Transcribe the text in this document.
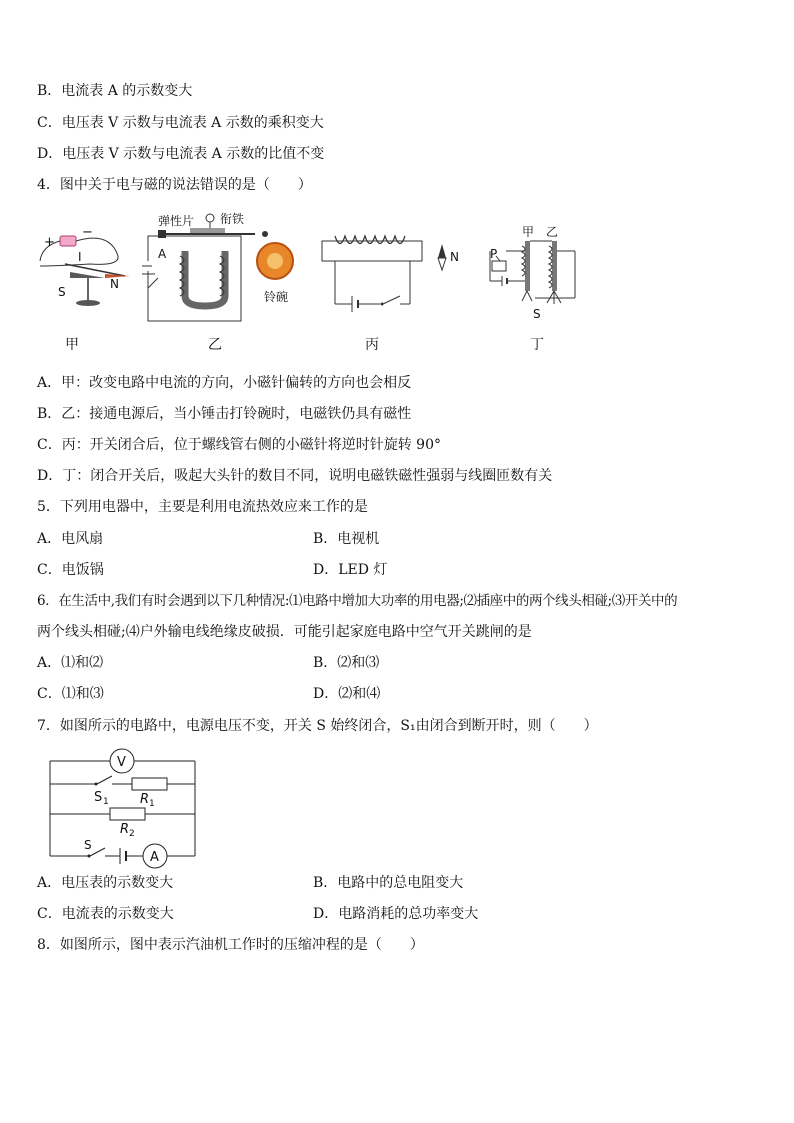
B．电流表 A 的示数变大
C．电压表 V 示数与电流表 A 示数的乘积变大
D．电压表 V 示数与电流表 A 示数的比值不变
4．图中关于电与磁的说法错误的是（　　）
+
−
I
S
N
弹性片 衔铁
A
铃碗
N	P
甲 乙
S
甲	乙	丙	丁
A．甲：改变电路中电流的方向，小磁针偏转的方向也会相反
B．乙：接通电源后，当小锤击打铃碗时，电磁铁仍具有磁性
C．丙：开关闭合后，位于螺线管右侧的小磁针将逆时针旋转 90°
D．丁：闭合开关后，吸起大头针的数目不同，说明电磁铁磁性强弱与线圈匝数有关
5．下列用电器中，主要是利用电流热效应来工作的是
A．电风扇	B．电视机
C．电饭锅	D．LED 灯
6．在生活中,我们有时会遇到以下几种情况:⑴电路中增加大功率的用电器;⑵插座中的两个线头相碰;⑶开关中的
两个线头相碰;⑷户外输电线绝缘皮破损．可能引起家庭电路中空气开关跳闸的是
A．⑴和⑵	B．⑵和⑶
C．⑴和⑶	D．⑵和⑷
7．如图所示的电路中，电源电压不变，开关 S 始终闭合，S₁由闭合到断开时，则（　　）
V
S 1 R 1
R 2
A
S
A．电压表的示数变大	B．电路中的总电阻变大
C．电流表的示数变大	D．电路消耗的总功率变大
8．如图所示，图中表示汽油机工作时的压缩冲程的是（　　）
